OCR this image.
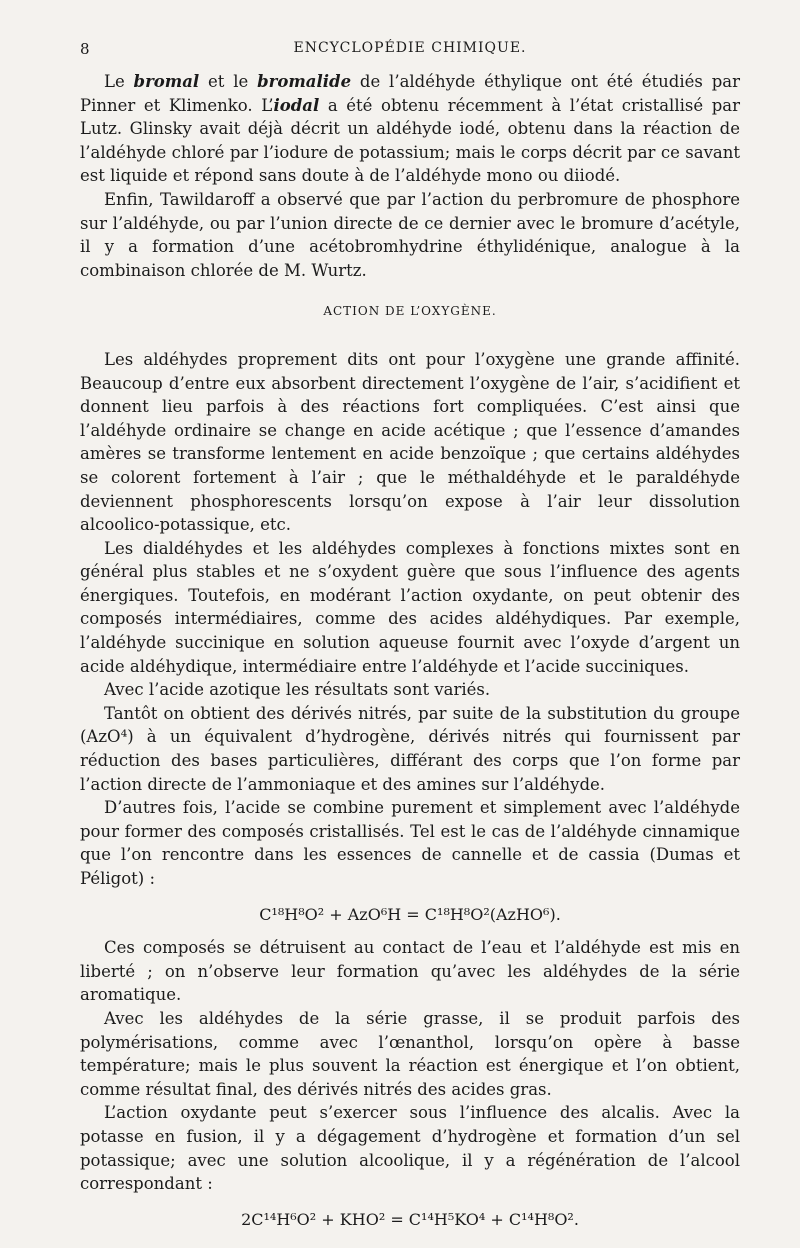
8	ENCYCLOPÉDIE CHIMIQUE.

Le bromal et le bromalide de l’aldéhyde éthylique ont été étudiés par Pinner et Klimenko. L’iodal a été obtenu récemment à l’état cristallisé par Lutz. Glinsky avait déjà décrit un aldéhyde iodé, obtenu dans la réaction de l’aldéhyde chloré par l’iodure de potassium; mais le corps décrit par ce savant est liquide et répond sans doute à de l’aldéhyde mono ou diiodé.

Enfin, Tawildaroff a observé que par l’action du perbromure de phosphore sur l’aldéhyde, ou par l’union directe de ce dernier avec le bromure d’acétyle, il y a formation d’une acétobromhydrine éthylidénique, analogue à la combinaison chlorée de M. Wurtz.

ACTION DE L’OXYGÈNE.

Les aldéhydes proprement dits ont pour l’oxygène une grande affinité. Beaucoup d’entre eux absorbent directement l’oxygène de l’air, s’acidifient et donnent lieu parfois à des réactions fort compliquées. C’est ainsi que l’aldéhyde ordinaire se change en acide acétique ; que l’essence d’amandes amères se transforme lentement en acide benzoïque ; que certains aldéhydes se colorent fortement à l’air ; que le méthaldéhyde et le paraldéhyde deviennent phosphorescents lorsqu’on expose à l’air leur dissolution alcoolico-potassique, etc.

Les dialdéhydes et les aldéhydes complexes à fonctions mixtes sont en général plus stables et ne s’oxydent guère que sous l’influence des agents énergiques. Toutefois, en modérant l’action oxydante, on peut obtenir des composés intermédiaires, comme des acides aldéhydiques. Par exemple, l’aldéhyde succinique en solution aqueuse fournit avec l’oxyde d’argent un acide aldéhydique, intermédiaire entre l’aldéhyde et l’acide succiniques.

Avec l’acide azotique les résultats sont variés.

Tantôt on obtient des dérivés nitrés, par suite de la substitution du groupe (AzO⁴) à un équivalent d’hydrogène, dérivés nitrés qui fournissent par réduction des bases particulières, différant des corps que l’on forme par l’action directe de l’ammoniaque et des amines sur l’aldéhyde.

D’autres fois, l’acide se combine purement et simplement avec l’aldéhyde pour former des composés cristallisés. Tel est le cas de l’aldéhyde cinnamique que l’on rencontre dans les essences de cannelle et de cassia (Dumas et Péligot) :

C¹⁸H⁸O² + AzO⁶H = C¹⁸H⁸O²(AzHO⁶).

Ces composés se détruisent au contact de l’eau et l’aldéhyde est mis en liberté ; on n’observe leur formation qu’avec les aldéhydes de la série aromatique.

Avec les aldéhydes de la série grasse, il se produit parfois des polymérisations, comme avec l’œnanthol, lorsqu’on opère à basse température; mais le plus souvent la réaction est énergique et l’on obtient, comme résultat final, des dérivés nitrés des acides gras.

L’action oxydante peut s’exercer sous l’influence des alcalis. Avec la potasse en fusion, il y a dégagement d’hydrogène et formation d’un sel potassique; avec une solution alcoolique, il y a régénération de l’alcool correspondant :

2C¹⁴H⁶O² + KHO² = C¹⁴H⁵KO⁴ + C¹⁴H⁸O².
